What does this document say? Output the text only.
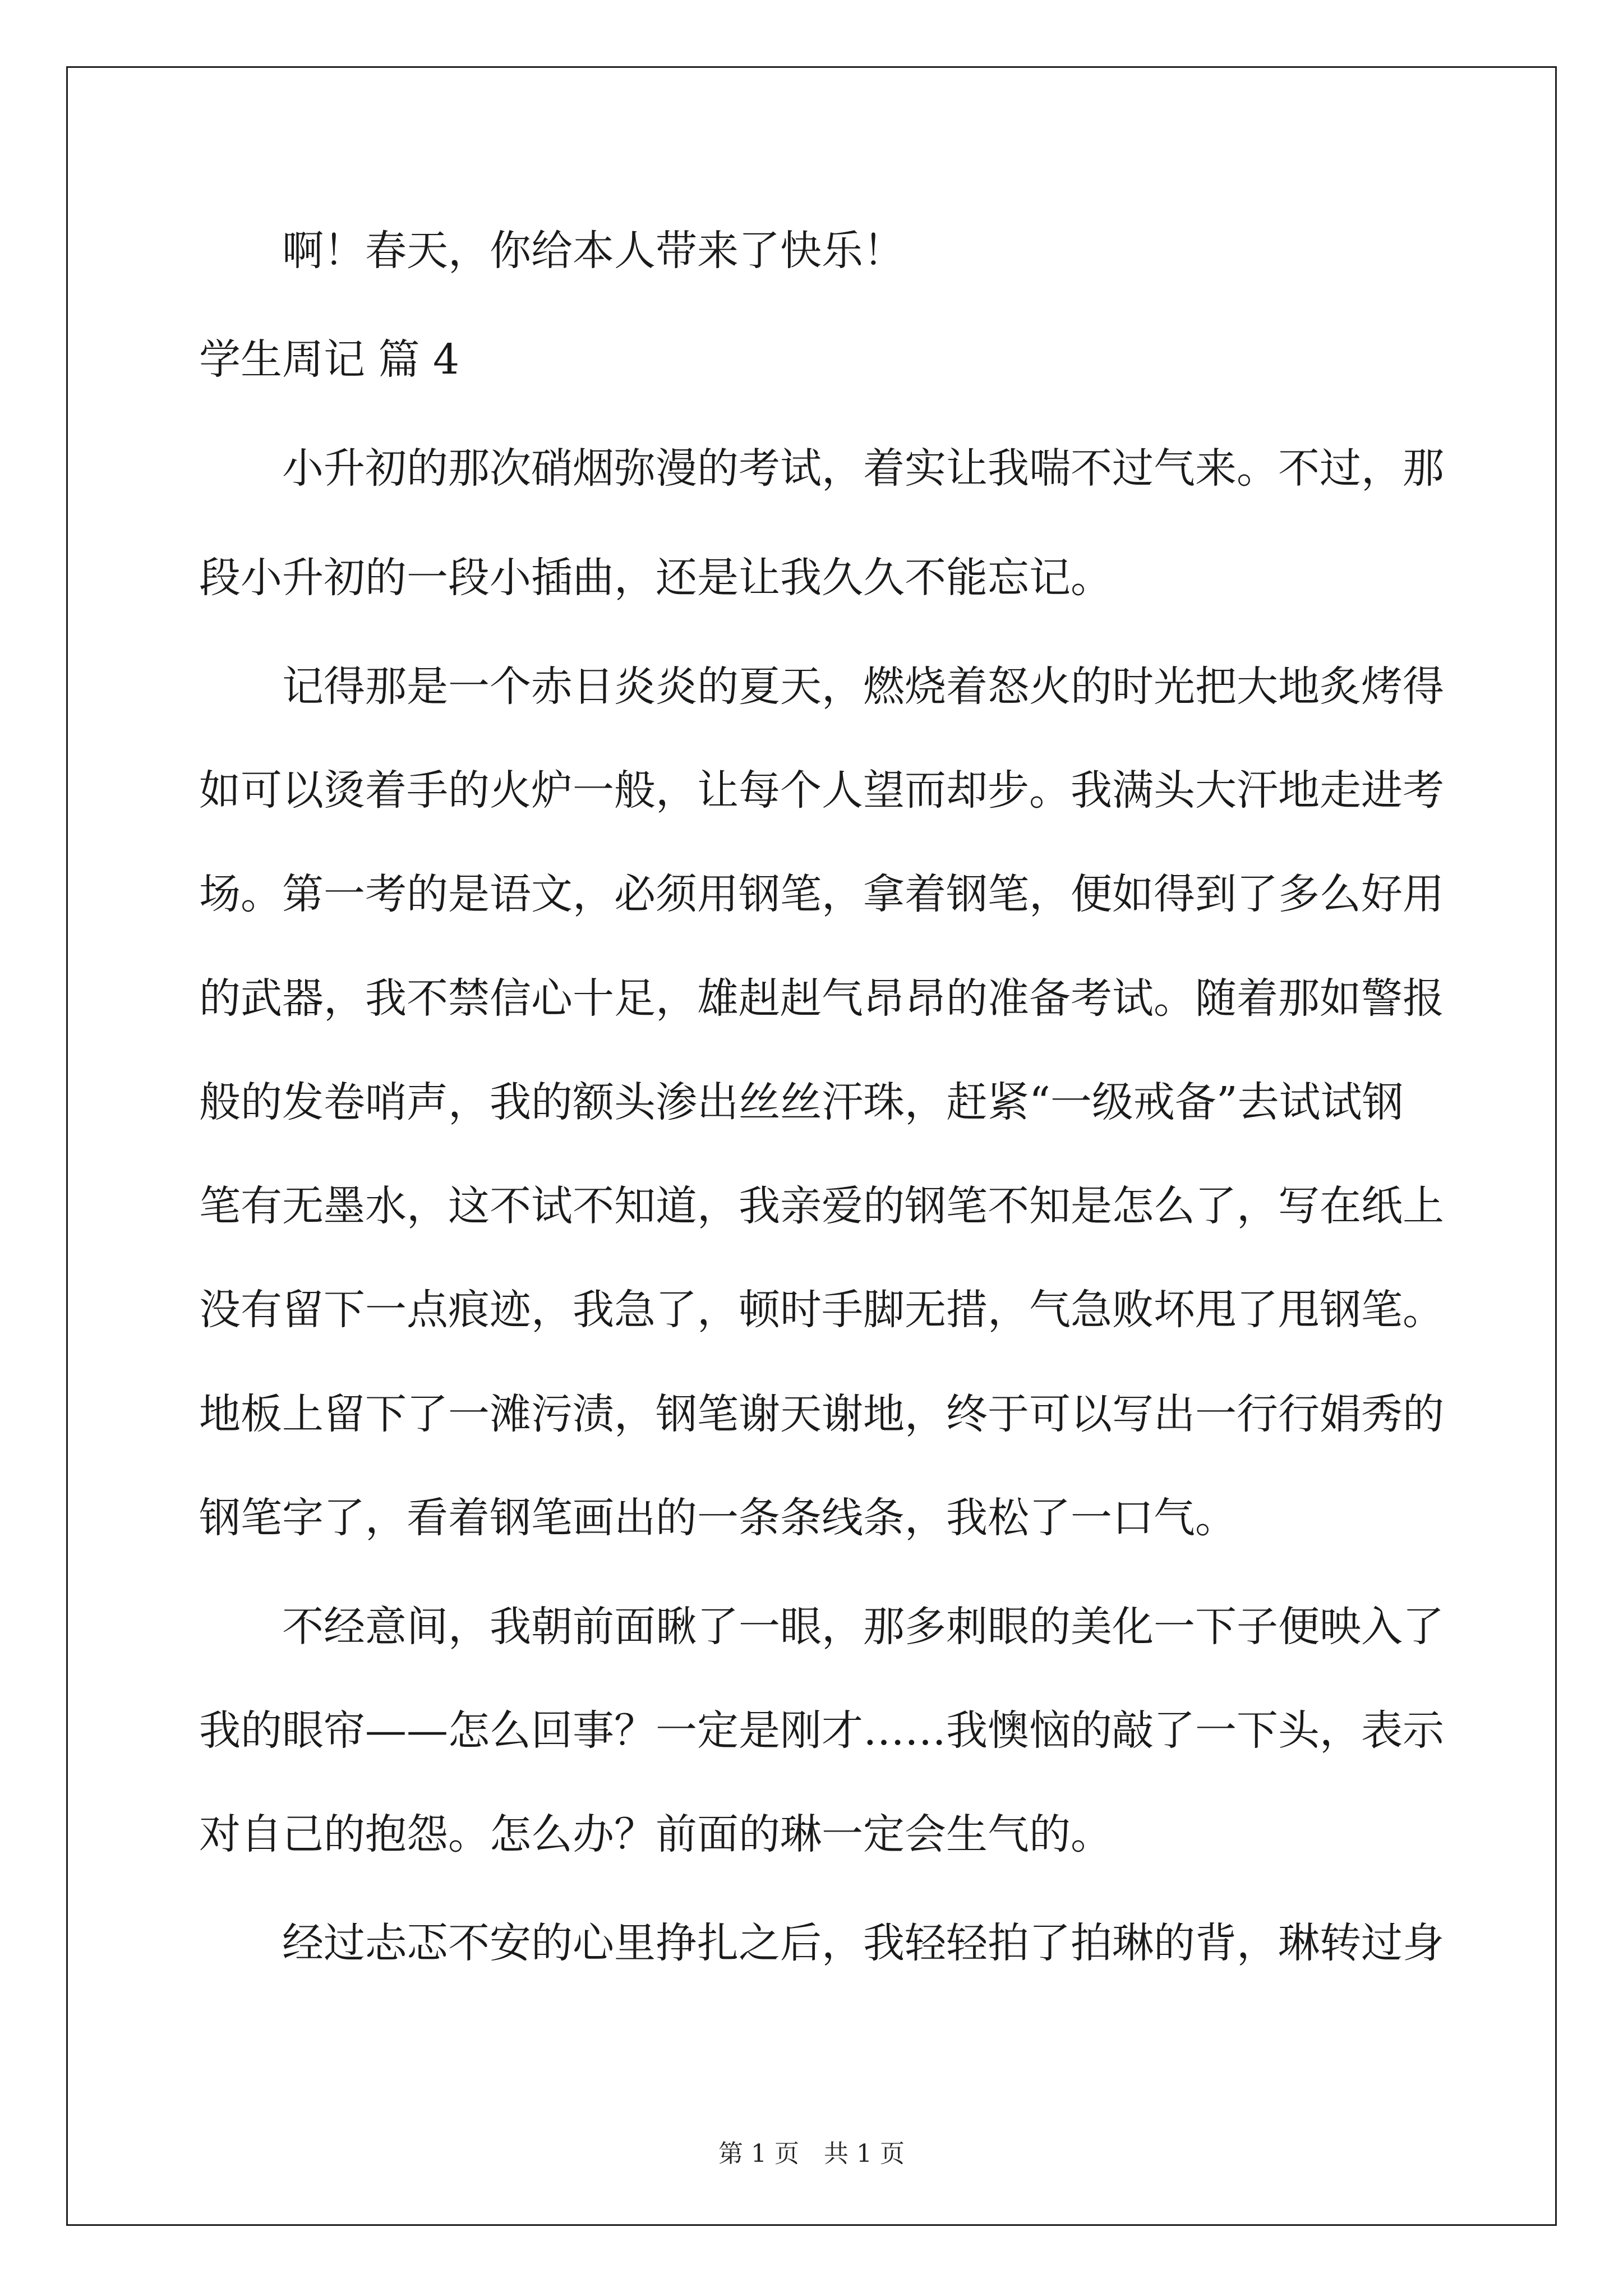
啊！春天，你给本人带来了快乐！
学生周记 篇 4
小升初的那次硝烟弥漫的考试，着实让我喘不过气来。不过，那
段小升初的一段小插曲，还是让我久久不能忘记。
记得那是一个赤日炎炎的夏天，燃烧着怒火的时光把大地炙烤得
如可以烫着手的火炉一般，让每个人望而却步。我满头大汗地走进考
场。第一考的是语文，必须用钢笔，拿着钢笔，便如得到了多么好用
的武器，我不禁信心十足，雄赳赳气昂昂的准备考试。随着那如警报
般的发卷哨声，我的额头渗出丝丝汗珠，赶紧“一级戒备”去试试钢
笔有无墨水，这不试不知道，我亲爱的钢笔不知是怎么了，写在纸上
没有留下一点痕迹，我急了，顿时手脚无措，气急败坏甩了甩钢笔。
地板上留下了一滩污渍，钢笔谢天谢地，终于可以写出一行行娟秀的
钢笔字了，看着钢笔画出的一条条线条，我松了一口气。
不经意间，我朝前面瞅了一眼，那多刺眼的美化一下子便映入了
我的眼帘——怎么回事？一定是刚才……我懊恼的敲了一下头，表示
对自己的抱怨。怎么办？前面的琳一定会生气的。
经过忐忑不安的心里挣扎之后，我轻轻拍了拍琳的背，琳转过身
第 1 页　共 1 页
